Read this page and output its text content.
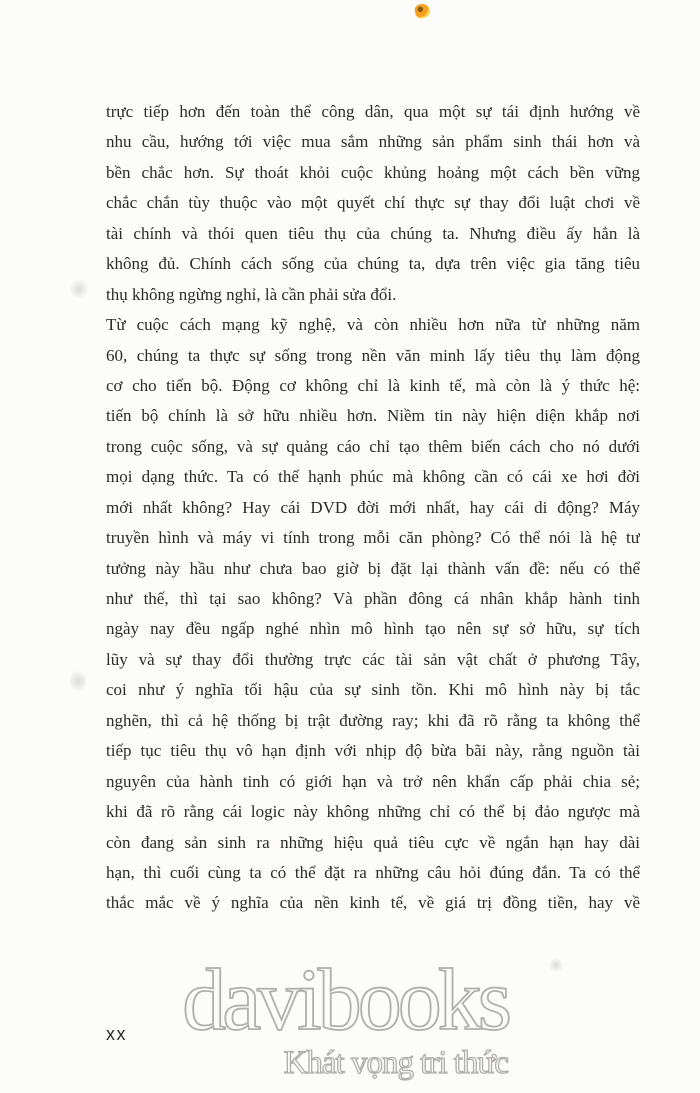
trực tiếp hơn đến toàn thể công dân, qua một sự tái định hướng về
nhu cầu, hướng tới việc mua sắm những sản phẩm sinh thái hơn và
bền chắc hơn. Sự thoát khỏi cuộc khủng hoảng một cách bền vững
chắc chắn tùy thuộc vào một quyết chí thực sự thay đổi luật chơi về
tài chính và thói quen tiêu thụ của chúng ta. Nhưng điều ấy hẳn là
không đủ. Chính cách sống của chúng ta, dựa trên việc gia tăng tiêu
thụ không ngừng nghỉ, là cần phải sửa đổi.
Từ cuộc cách mạng kỹ nghệ, và còn nhiều hơn nữa từ những năm
60, chúng ta thực sự sống trong nền văn minh lấy tiêu thụ làm động
cơ cho tiến bộ. Động cơ không chỉ là kinh tế, mà còn là ý thức hệ:
tiến bộ chính là sở hữu nhiều hơn. Niềm tin này hiện diện khắp nơi
trong cuộc sống, và sự quảng cáo chỉ tạo thêm biến cách cho nó dưới
mọi dạng thức. Ta có thể hạnh phúc mà không cần có cái xe hơi đời
mới nhất không? Hay cái DVD đời mới nhất, hay cái di động? Máy
truyền hình và máy vi tính trong mỗi căn phòng? Có thể nói là hệ tư
tưởng này hầu như chưa bao giờ bị đặt lại thành vấn đề: nếu có thể
như thế, thì tại sao không? Và phần đông cá nhân khắp hành tinh
ngày nay đều ngấp nghé nhìn mô hình tạo nên sự sở hữu, sự tích
lũy và sự thay đổi thường trực các tài sản vật chất ở phương Tây,
coi như ý nghĩa tối hậu của sự sinh tồn. Khi mô hình này bị tắc
nghẽn, thì cả hệ thống bị trật đường ray; khi đã rõ rằng ta không thể
tiếp tục tiêu thụ vô hạn định với nhịp độ bừa bãi này, rằng nguồn tài
nguyên của hành tinh có giới hạn và trở nên khẩn cấp phải chia sẻ;
khi đã rõ rằng cái logic này không những chỉ có thể bị đảo ngược mà
còn đang sản sinh ra những hiệu quả tiêu cực về ngắn hạn hay dài
hạn, thì cuối cùng ta có thể đặt ra những câu hỏi đúng đắn. Ta có thể
thắc mắc về ý nghĩa của nền kinh tế, về giá trị đồng tiền, hay về
davibooks
Khát vọng tri thức
xx
